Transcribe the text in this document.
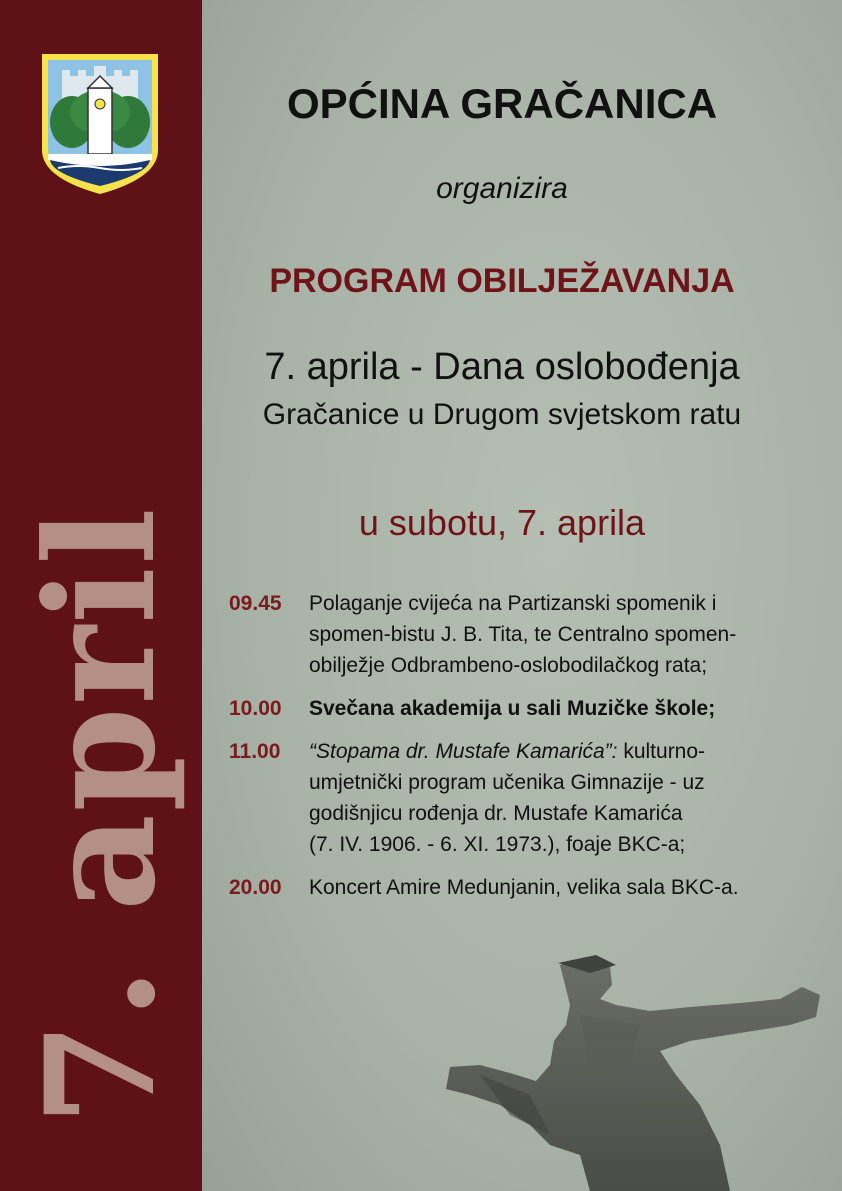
7. april
OPĆINA GRAČANICA
organizira
PROGRAM OBILJEŽAVANJA
7. aprila - Dana oslobođenja
Gračanice u Drugom svjetskom ratu
u subotu, 7. aprila
09.45	Polaganje cvijeća na Partizanski spomenik i
spomen-bistu J. B. Tita, te Centralno spomen-
obilježje Odbrambeno-oslobodilačkog rata;
10.00	Svečana akademija u sali Muzičke škole;
11.00	“Stopama dr. Mustafe Kamarića”: kulturno-
umjetnički program učenika Gimnazije - uz
godišnjicu rođenja dr. Mustafe Kamarića
(7. IV. 1906. - 6. XI. 1973.), foaje BKC-a;
20.00	Koncert Amire Medunjanin, velika sala BKC-a.
